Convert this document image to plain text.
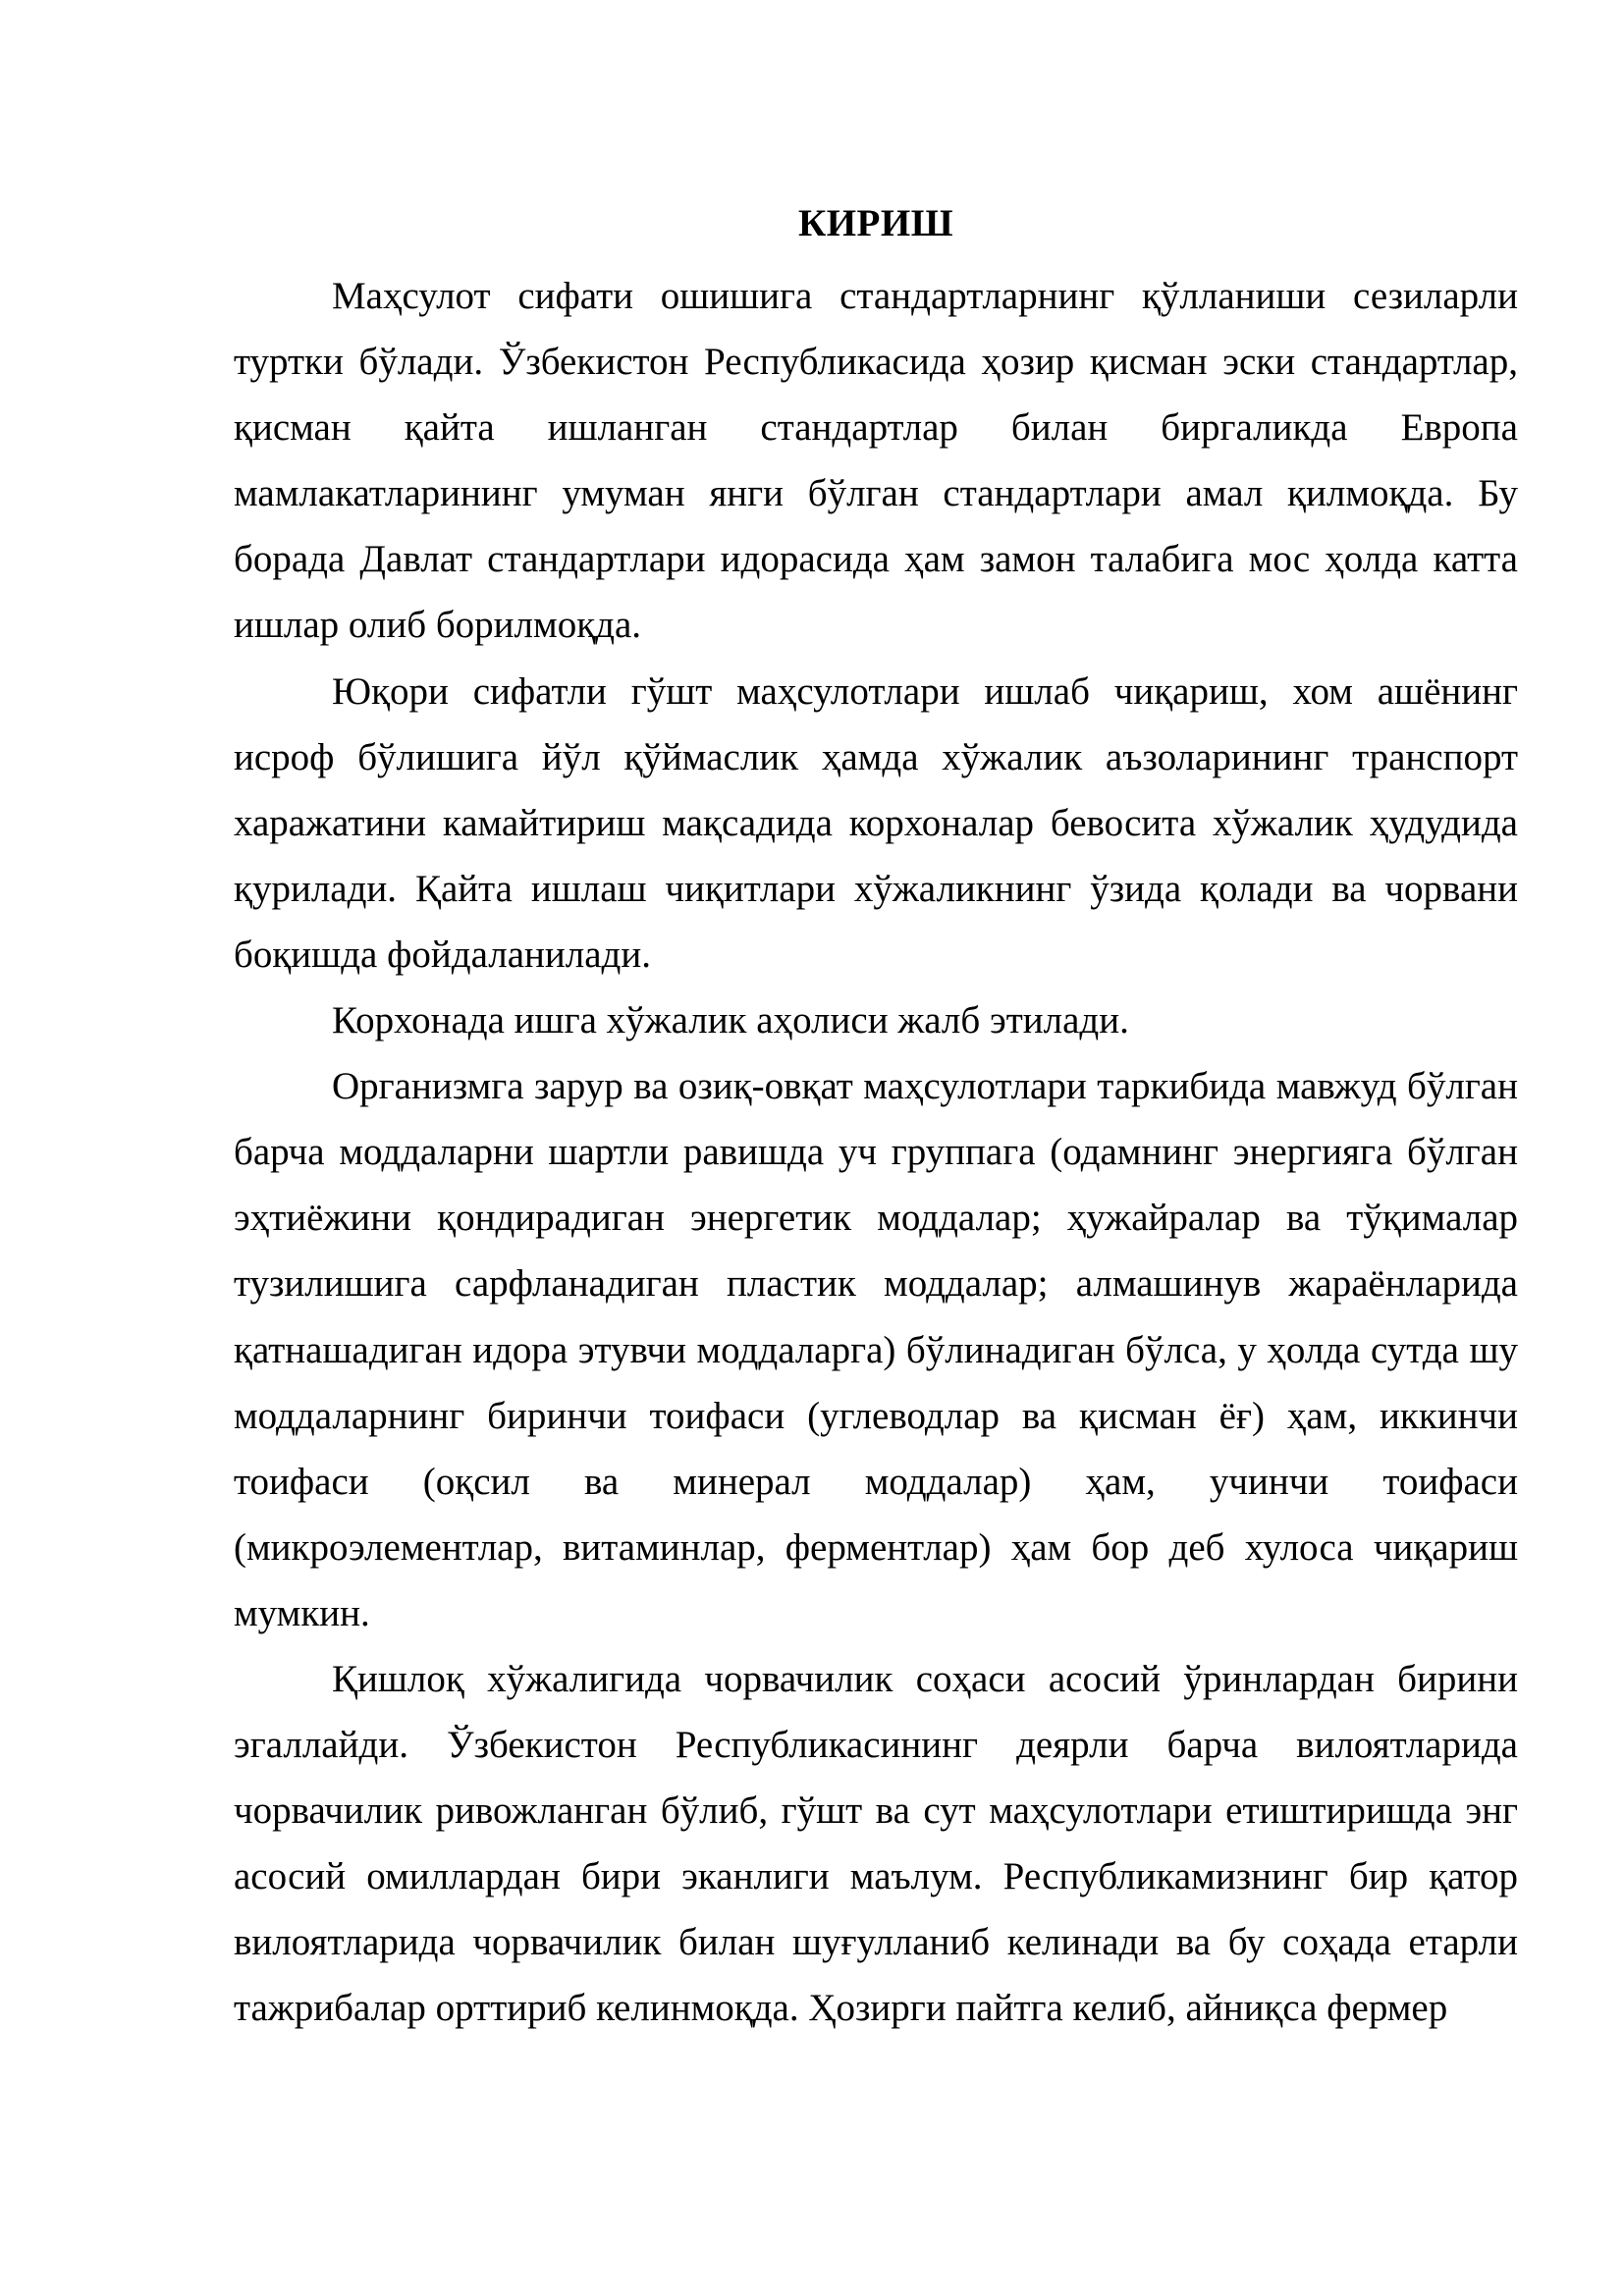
КИРИШ

Маҳсулот сифати ошишига стандартларнинг қўлланиши сезиларли туртки бўлади. Ўзбекистон Республикасида ҳозир қисман эски стандартлар, қисман қайта ишланган стандартлар билан биргаликда Европа мамлакатларининг умуман янги бўлган стандартлари амал қилмоқда. Бу борада Давлат стандартлари идорасида ҳам замон талабига мос ҳолда катта ишлар олиб борилмоқда.

Юқори сифатли гўшт маҳсулотлари ишлаб чиқариш, хом ашёнинг исроф бўлишига йўл қўймаслик ҳамда хўжалик аъзоларининг транспорт харажатини камайтириш мақсадида корхоналар бевосита хўжалик ҳудудида қурилади. Қайта ишлаш чиқитлари хўжаликнинг ўзида қолади ва чорвани боқишда фойдаланилади.

Корхонада ишга хўжалик аҳолиси жалб этилади.

Организмга зарур ва озиқ-овқат маҳсулотлари таркибида мавжуд бўлган барча моддаларни шартли равишда уч группага (одамнинг энергияга бўлган эҳтиёжини қондирадиган энергетик моддалар; ҳужайралар ва тўқималар тузилишига сарфланадиган пластик моддалар; алмашинув жараёнларида қатнашадиган идора этувчи моддаларга) бўлинадиган бўлса, у ҳолда сутда шу моддаларнинг биринчи тоифаси (углеводлар ва қисман ёғ) ҳам, иккинчи тоифаси (оқсил ва минерал моддалар) ҳам, учинчи тоифаси (микроэлементлар, витаминлар, ферментлар) ҳам бор деб хулоса чиқариш мумкин.

Қишлоқ хўжалигида чорвачилик соҳаси асосий ўринлардан бирини эгаллайди. Ўзбекистон Республикасининг деярли барча вилоятларида чорвачилик ривожланган бўлиб, гўшт ва сут маҳсулотлари етиштиришда энг асосий омиллардан бири эканлиги маълум. Республикамизнинг бир қатор вилоятларида чорвачилик билан шуғулланиб келинади ва бу соҳада етарли тажрибалар орттириб келинмоқда. Ҳозирги пайтга келиб, айниқса фермер
